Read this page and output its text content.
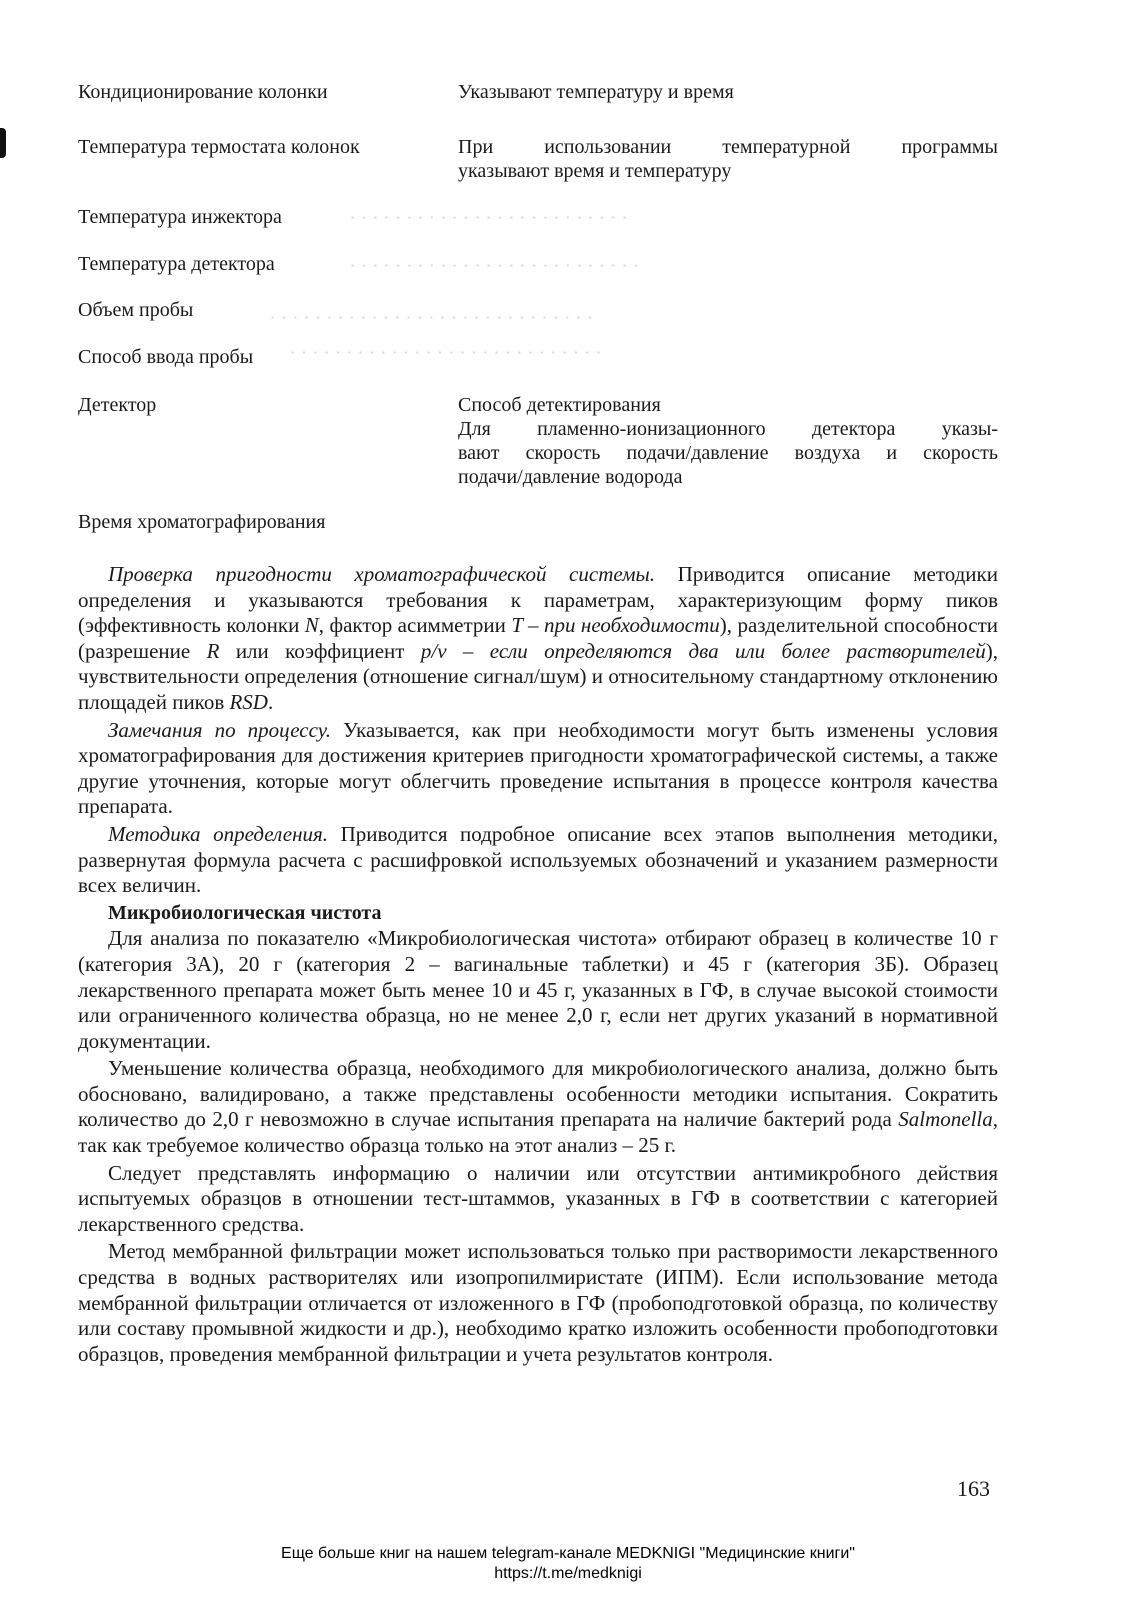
· · · · · · · · · · · · · · · · · · · · · · · · ·
· · · · · · · · · · · · · · · · · · · · · · · · · ·
· · · · · · · · · · · · · · · · · · · · · · · · · · · · ·
· · · · · · · · · · · · · · · · · · · · · · · · · · · ·
Кондиционирование колонки	Указывают температуру и время
Температура термостата колонок	При использовании температурной программы
указывают время и температуру
Температура инжектора
Температура детектора
Объем пробы
Способ ввода пробы
Детектор	Способ детектирования
Для пламенно-ионизационного детектора указы-
вают скорость подачи/давление воздуха и скорость
подачи/давление водорода
Время хроматографирования

Проверка пригодности хроматографической системы. Приводится описание методики определения и указываются требования к параметрам, характеризующим форму пиков (эффективность колонки N, фактор асимметрии T – при необходимости), разделительной способности (разрешение R или коэффициент p/v – если определяются два или более растворителей), чувствительности определения (отношение сигнал/шум) и относительному стандартному отклонению площадей пиков RSD.

Замечания по процессу. Указывается, как при необходимости могут быть изменены условия хроматографирования для достижения критериев пригодности хроматографической системы, а также другие уточнения, которые могут облегчить проведение испытания в процессе контроля качества препарата.

Методика определения. Приводится подробное описание всех этапов выполнения методики, развернутая формула расчета с расшифровкой используемых обозначений и указанием размерности всех величин.

Микробиологическая чистота

Для анализа по показателю «Микробиологическая чистота» отбирают образец в количестве 10 г (категория 3А), 20 г (категория 2 – вагинальные таблетки) и 45 г (категория 3Б). Образец лекарственного препарата может быть менее 10 и 45 г, указанных в ГФ, в случае высокой стоимости или ограниченного количества образца, но не менее 2,0 г, если нет других указаний в нормативной документации.

Уменьшение количества образца, необходимого для микробиологического анализа, должно быть обосновано, валидировано, а также представлены особенности методики испытания. Сократить количество до 2,0 г невозможно в случае испытания препарата на наличие бактерий рода Salmonella, так как требуемое количество образца только на этот анализ – 25 г.

Следует представлять информацию о наличии или отсутствии антимикробного действия испытуемых образцов в отношении тест-штаммов, указанных в ГФ в соответствии с категорией лекарственного средства.

Метод мембранной фильтрации может использоваться только при растворимости лекарственного средства в водных растворителях или изопропилмиристате (ИПМ). Если использование метода мембранной фильтрации отличается от изложенного в ГФ (пробоподготовкой образца, по количеству или составу промывной жидкости и др.), необходимо кратко изложить особенности пробоподготовки образцов, проведения мембранной фильтрации и учета результатов контроля.

163
Еще больше книг на нашем telegram-канале MEDKNIGI "Медицинские книги"
https://t.me/medknigi
